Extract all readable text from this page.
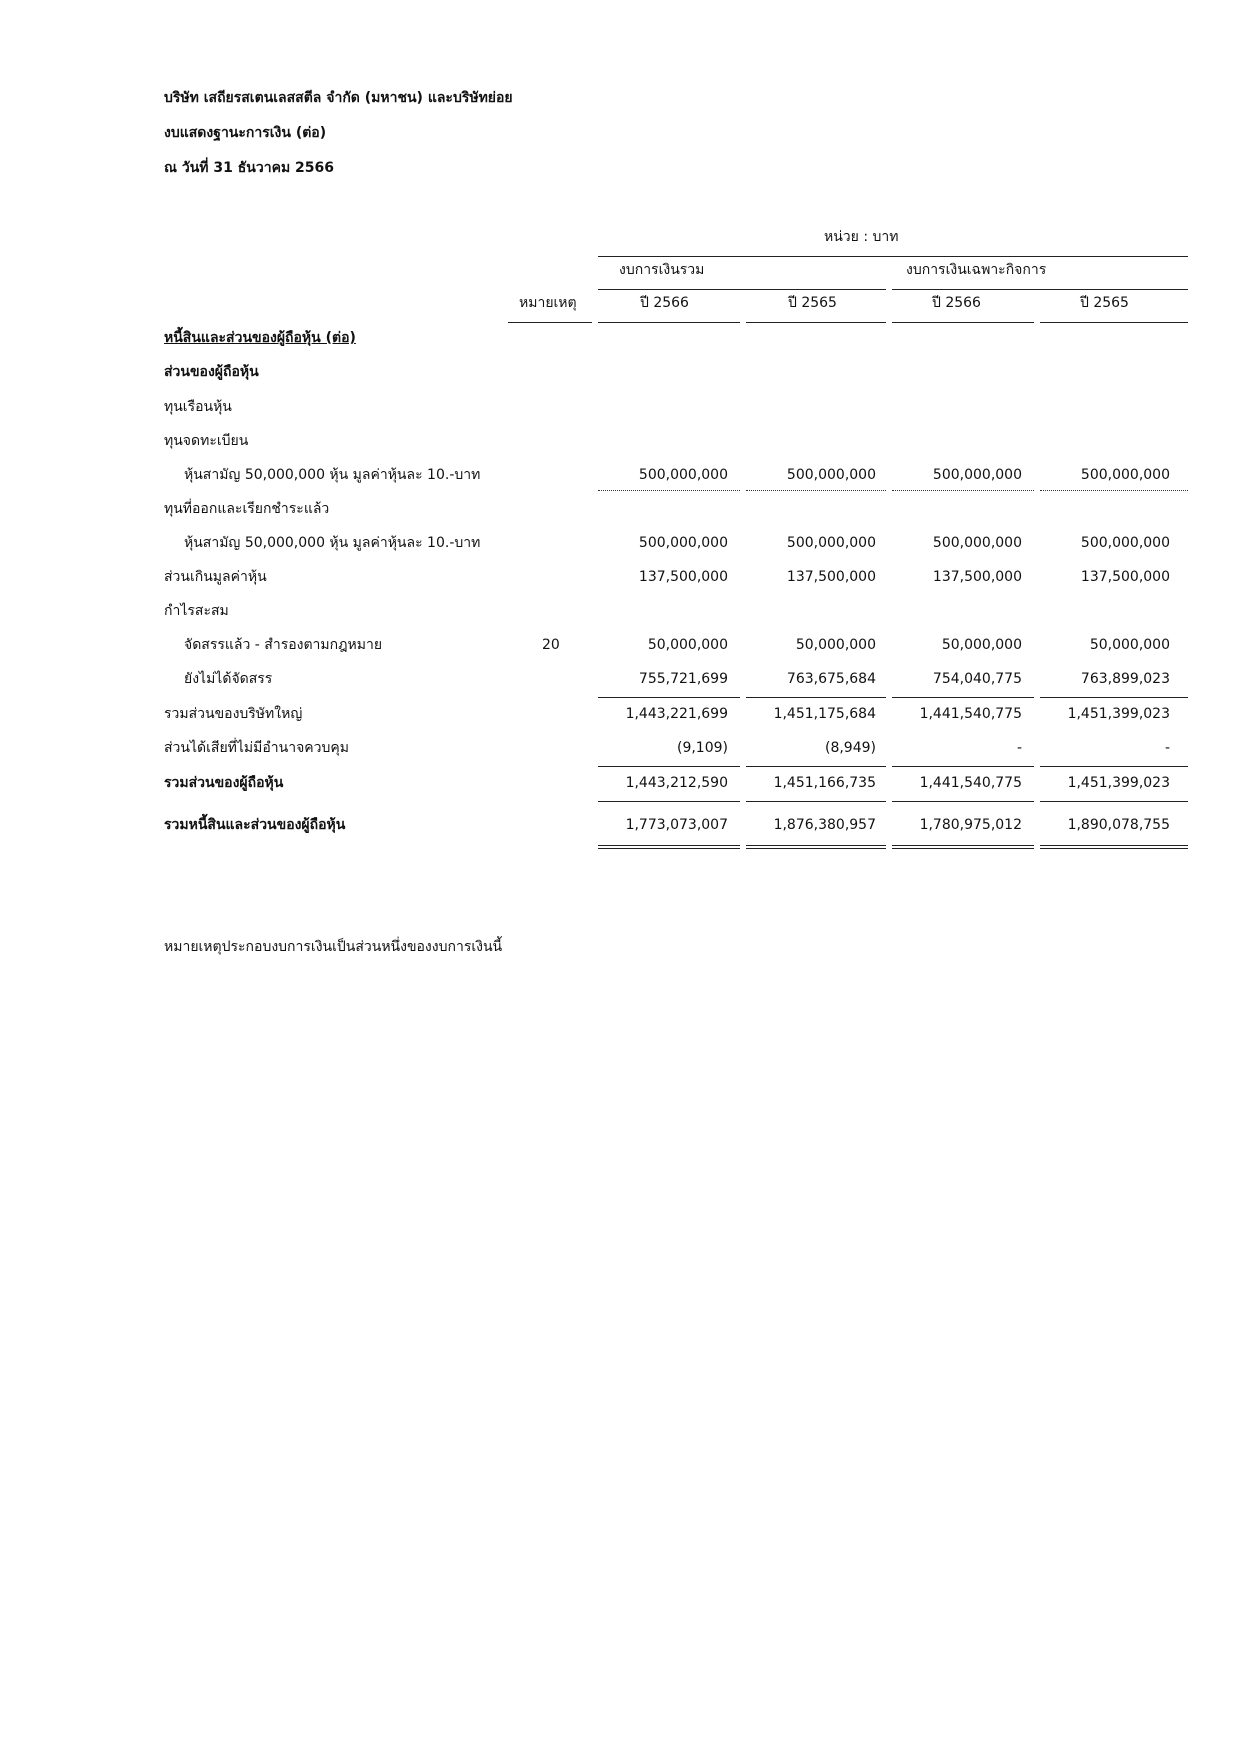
บริษัท เสถียรสเตนเลสสตีล จำกัด (มหาชน) และบริษัทย่อย
งบแสดงฐานะการเงิน (ต่อ)
ณ วันที่ 31 ธันวาคม 2566
หน่วย : บาท
งบการเงินรวม	งบการเงินเฉพาะกิจการ
หมายเหตุ	ปี 2566	ปี 2565	ปี 2566	ปี 2565
หนี้สินและส่วนของผู้ถือหุ้น (ต่อ)
ส่วนของผู้ถือหุ้น
ทุนเรือนหุ้น
ทุนจดทะเบียน
หุ้นสามัญ 50,000,000 หุ้น มูลค่าหุ้นละ 10.-บาท	500,000,000	500,000,000	500,000,000	500,000,000
ทุนที่ออกและเรียกชำระแล้ว
หุ้นสามัญ 50,000,000 หุ้น มูลค่าหุ้นละ 10.-บาท	500,000,000	500,000,000	500,000,000	500,000,000
ส่วนเกินมูลค่าหุ้น	137,500,000	137,500,000	137,500,000	137,500,000
กำไรสะสม
จัดสรรแล้ว - สำรองตามกฎหมาย	20	50,000,000	50,000,000	50,000,000	50,000,000
ยังไม่ได้จัดสรร	755,721,699	763,675,684	754,040,775	763,899,023
รวมส่วนของบริษัทใหญ่	1,443,221,699	1,451,175,684	1,441,540,775	1,451,399,023
ส่วนได้เสียที่ไม่มีอำนาจควบคุม	(9,109)	(8,949)	-	-
รวมส่วนของผู้ถือหุ้น	1,443,212,590	1,451,166,735	1,441,540,775	1,451,399,023
รวมหนี้สินและส่วนของผู้ถือหุ้น	1,773,073,007	1,876,380,957	1,780,975,012	1,890,078,755
หมายเหตุประกอบงบการเงินเป็นส่วนหนึ่งของงบการเงินนี้
